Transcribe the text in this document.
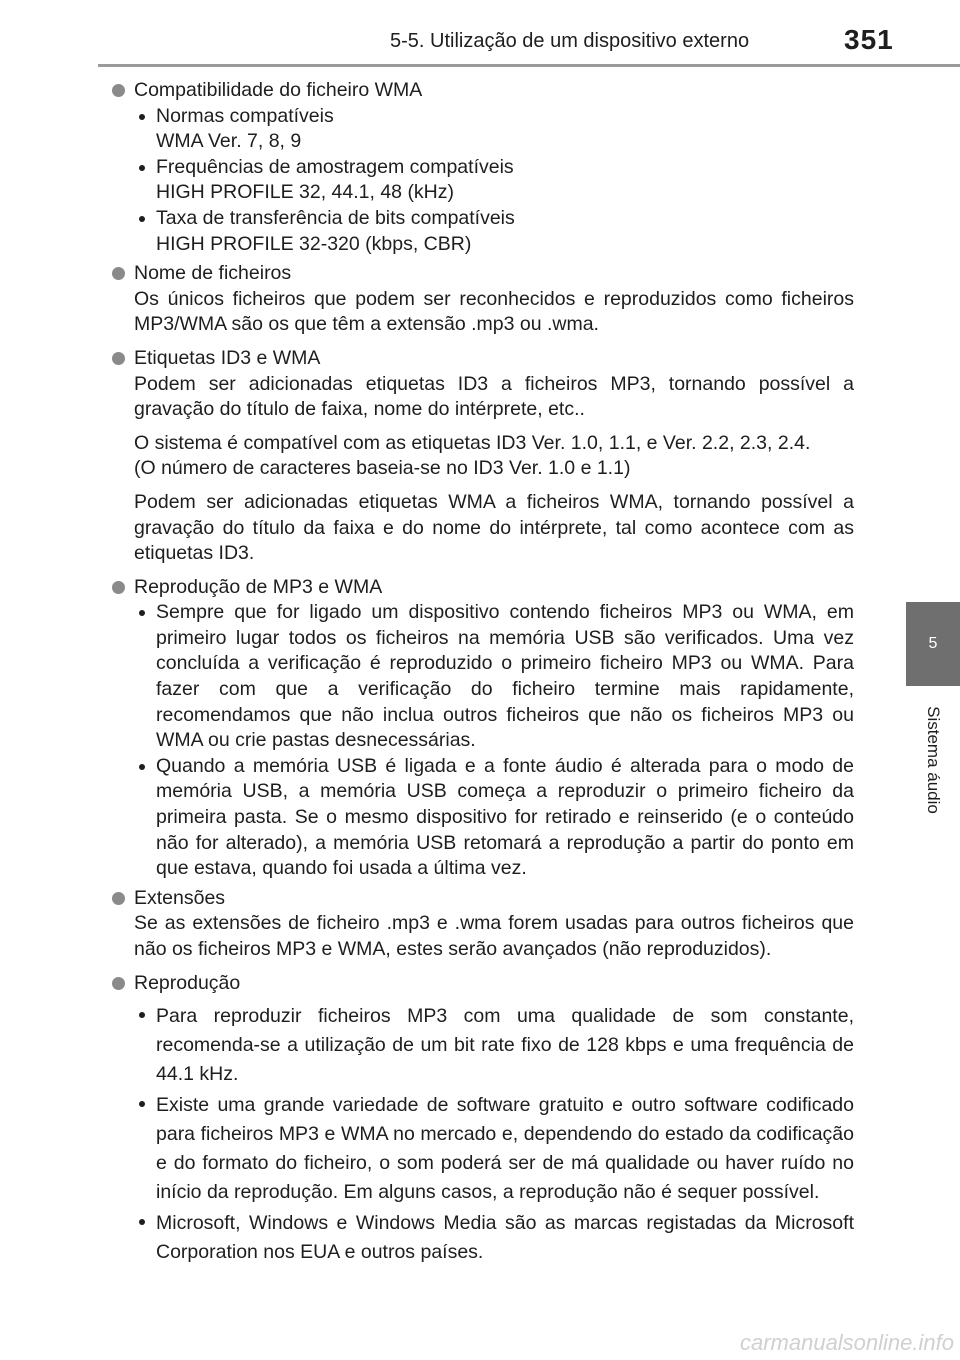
5-5. Utilização de um dispositivo externo	351
5
Sistema áudio
Compatibilidade do ficheiro WMA
Normas compatíveis
WMA Ver. 7, 8, 9
Frequências de amostragem compatíveis
HIGH PROFILE 32, 44.1, 48 (kHz)
Taxa de transferência de bits compatíveis
HIGH PROFILE 32-320 (kbps, CBR)
Nome de ficheiros

Os únicos ficheiros que podem ser reconhecidos e reproduzidos como ficheiros MP3/WMA são os que têm a extensão .mp3 ou .wma.

Etiquetas ID3 e WMA

Podem ser adicionadas etiquetas ID3 a ficheiros MP3, tornando possível a gravação do título de faixa, nome do intérprete, etc..

O sistema é compatível com as etiquetas ID3 Ver. 1.0, 1.1, e Ver. 2.2, 2.3, 2.4.

(O número de caracteres baseia-se no ID3 Ver. 1.0 e 1.1)

Podem ser adicionadas etiquetas WMA a ficheiros WMA, tornando possível a gravação do título da faixa e do nome do intérprete, tal como acontece com as etiquetas ID3.

Reprodução de MP3 e WMA
Sempre que for ligado um dispositivo contendo ficheiros MP3 ou WMA, em primeiro lugar todos os ficheiros na memória USB são verificados. Uma vez concluída a verificação é reproduzido o primeiro ficheiro MP3 ou WMA. Para fazer com que a verificação do ficheiro termine mais rapidamente, recomendamos que não inclua outros ficheiros que não os ficheiros MP3 ou WMA ou crie pastas desnecessárias.
Quando a memória USB é ligada e a fonte áudio é alterada para o modo de memória USB, a memória USB começa a reproduzir o primeiro ficheiro da primeira pasta. Se o mesmo dispositivo for retirado e reinserido (e o conteúdo não for alterado), a memória USB retomará a reprodução a partir do ponto em que estava, quando foi usada a última vez.
Extensões

Se as extensões de ficheiro .mp3 e .wma forem usadas para outros ficheiros que não os ficheiros MP3 e WMA, estes serão avançados (não reproduzidos).

Reprodução
Para reproduzir ficheiros MP3 com uma qualidade de som constante, recomenda-se a utilização de um bit rate fixo de 128 kbps e uma frequência de 44.1 kHz.
Existe uma grande variedade de software gratuito e outro software codificado para ficheiros MP3 e WMA no mercado e, dependendo do estado da codificação e do formato do ficheiro, o som poderá ser de má qualidade ou haver ruído no início da reprodução. Em alguns casos, a reprodução não é sequer possível.
Microsoft, Windows e Windows Media são as marcas registadas da Microsoft Corporation nos EUA e outros países.
carmanualsonline.info
